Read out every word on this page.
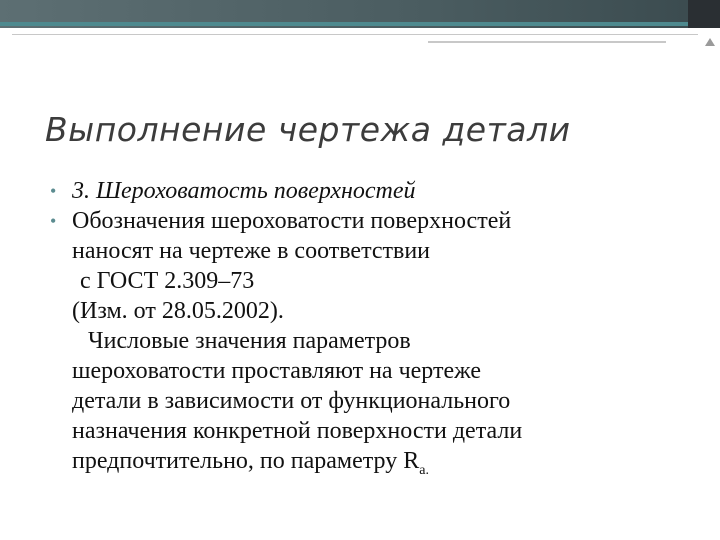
Выполнение чертежа детали
• 3. Шероховатость поверхностей
• Обозначения шероховатости поверхностей
наносят на чертеже в соответствии
с ГОСТ 2.309–73
(Изм. от 28.05.2002).
Числовые значения параметров
шероховатости проставляют на чертеже
детали в зависимости от функционального
назначения конкретной поверхности детали
предпочтительно, по параметру $R_{a.}$
